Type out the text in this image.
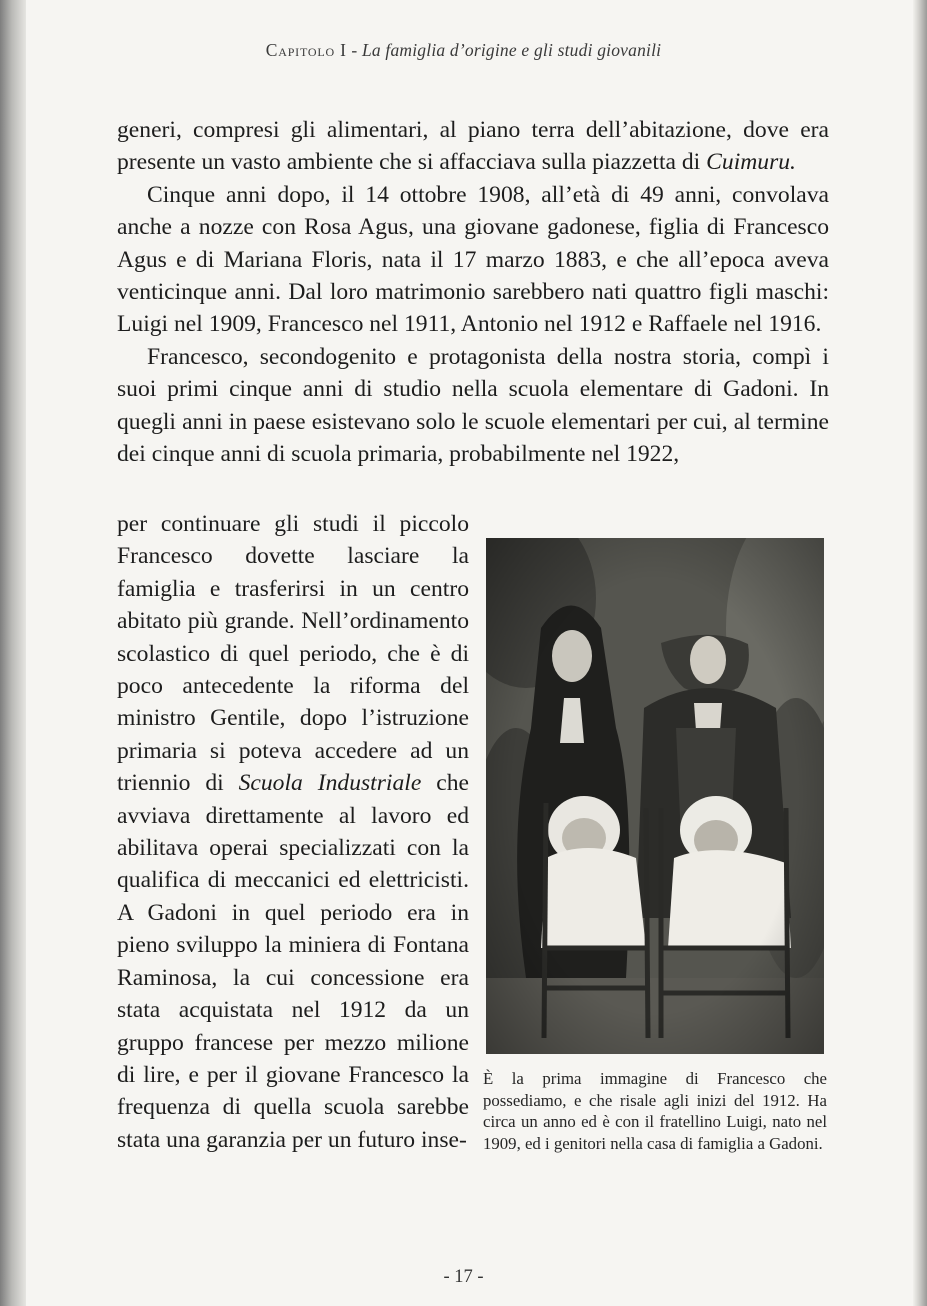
Capitolo I - La famiglia d’origine e gli studi giovanili

generi, compresi gli alimentari, al piano terra dell’abitazione, dove era presente un vasto ambiente che si affacciava sulla piazzetta di Cuimuru.

Cinque anni dopo, il 14 ottobre 1908, all’età di 49 anni, convolava anche a nozze con Rosa Agus, una giovane gadonese, figlia di Francesco Agus e di Mariana Floris, nata il 17 marzo 1883, e che all’epoca aveva venticinque anni. Dal loro matrimonio sarebbero nati quattro figli maschi: Luigi nel 1909, Francesco nel 1911, Antonio nel 1912 e Raffaele nel 1916.

Francesco, secondogenito e protagonista della nostra storia, compì i suoi primi cinque anni di studio nella scuola elementare di Gadoni. In quegli anni in paese esistevano solo le scuole elementari per cui, al termine dei cinque anni di scuola primaria, probabilmente nel 1922,

per continuare gli studi il piccolo Francesco dovette lasciare la famiglia e trasferirsi in un centro abitato più grande. Nell’ordinamento scolastico di quel periodo, che è di poco antecedente la riforma del ministro Gentile, dopo l’istruzione primaria si poteva accedere ad un triennio di Scuola Industriale che avviava direttamente al lavoro ed abilitava operai specializzati con la qualifica di meccanici ed elettricisti. A Gadoni in quel periodo era in pieno sviluppo la miniera di Fontana Raminosa, la cui concessione era stata acquistata nel 1912 da un gruppo francese per mezzo milione di lire, e per il giovane Francesco la frequenza di quella scuola sarebbe stata una garanzia per un futuro inse-

È la prima immagine di Francesco che possediamo, e che risale agli inizi del 1912. Ha circa un anno ed è con il fratellino Luigi, nato nel 1909, ed i genitori nella casa di famiglia a Gadoni.
- 17 -
